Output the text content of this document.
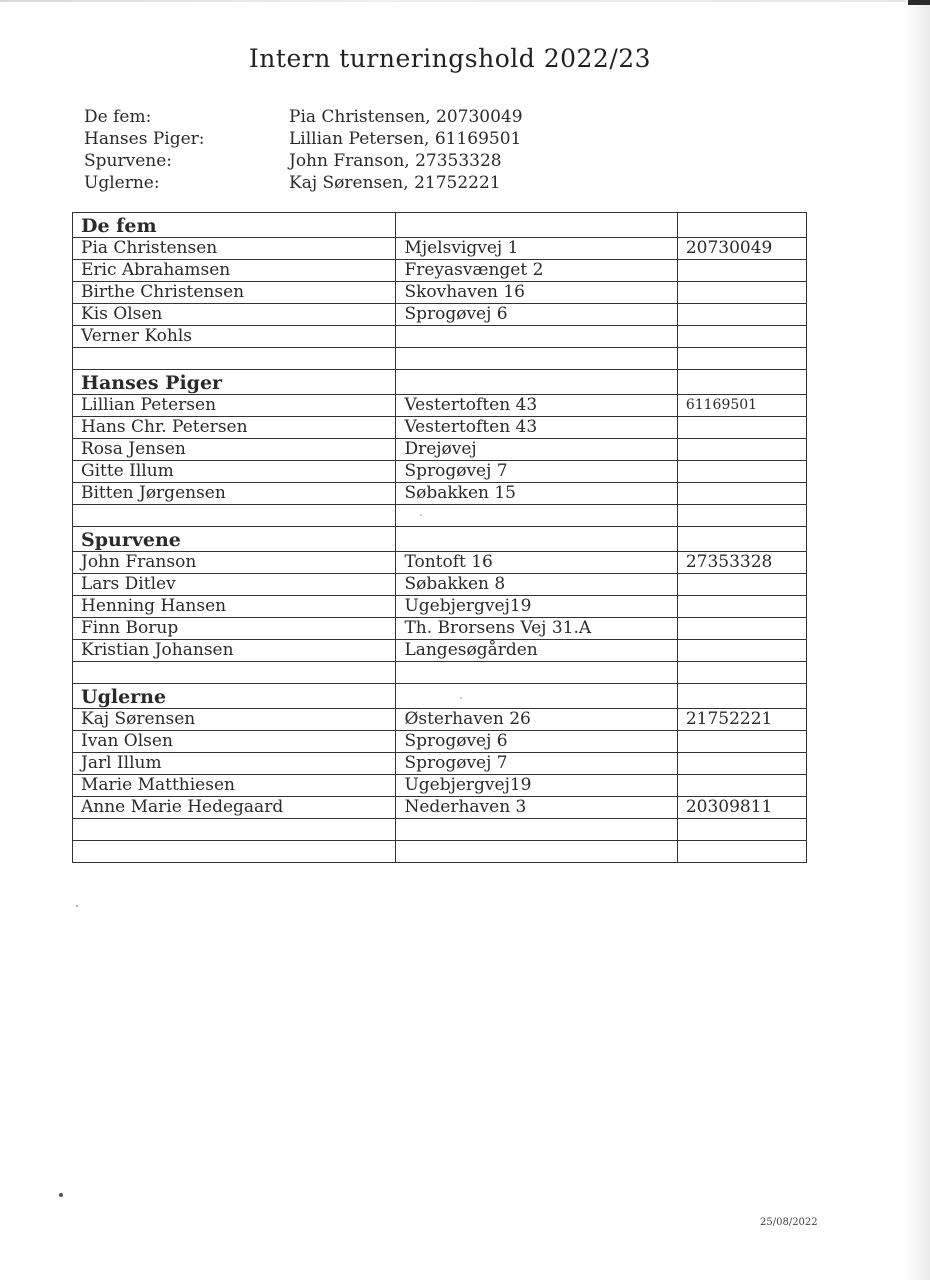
Intern turneringshold 2022/23
De fem:	Pia Christensen, 20730049
Hanses Piger:	Lillian Petersen, 61169501
Spurvene:	John Franson, 27353328
Uglerne:	Kaj Sørensen, 21752221
De fem		
Pia Christensen	Mjelsvigvej 1	20730049
Eric Abrahamsen	Freyasvænget 2	
Birthe Christensen	Skovhaven 16	
Kis Olsen	Sprogøvej 6	
Verner Kohls		

Hanses Piger		
Lillian Petersen	Vestertoften 43	61169501
Hans Chr. Petersen	Vestertoften 43	
Rosa Jensen	Drejøvej	
Gitte Illum	Sprogøvej 7	
Bitten Jørgensen	Søbakken 15	

Spurvene		
John Franson	Tontoft 16	27353328
Lars Ditlev	Søbakken 8	
Henning Hansen	Ugebjergvej19	
Finn Borup	Th. Brorsens Vej 31.A	
Kristian Johansen	Langesøgården	

Uglerne		
Kaj Sørensen	Østerhaven 26	21752221
Ivan Olsen	Sprogøvej 6	
Jarl Illum	Sprogøvej 7	
Marie Matthiesen	Ugebjergvej19	
Anne Marie Hedegaard	Nederhaven 3	20309811

25/08/2022
